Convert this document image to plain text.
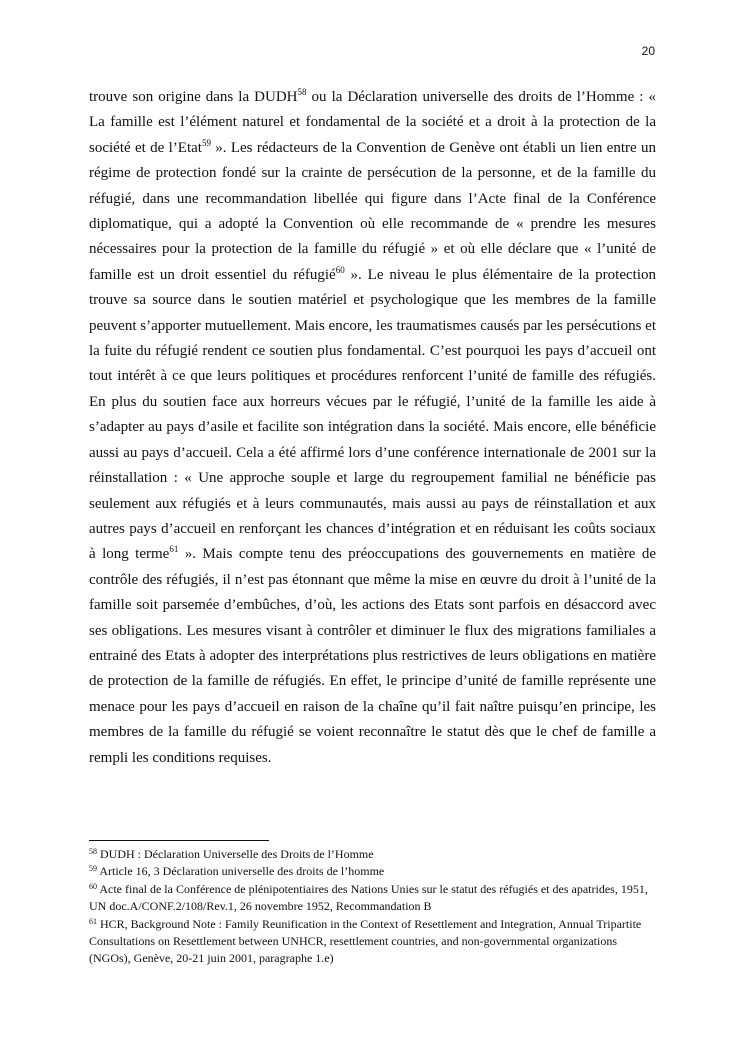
20

trouve son origine dans la DUDH$^{58}$ ou la Déclaration universelle des droits de l’Homme : « La famille est l’élément naturel et fondamental de la société et a droit à la protection de la société et de l’Etat$^{59}$ ». Les rédacteurs de la Convention de Genève ont établi un lien entre un régime de protection fondé sur la crainte de persécution de la personne, et de la famille du réfugié, dans une recommandation libellée qui figure dans l’Acte final de la Conférence diplomatique, qui a adopté la Convention où elle recommande de « prendre les mesures nécessaires pour la protection de la famille du réfugié » et où elle déclare que « l’unité de famille est un droit essentiel du réfugié$^{60}$ ». Le niveau le plus élémentaire de la protection trouve sa source dans le soutien matériel et psychologique que les membres de la famille peuvent s’apporter mutuellement. Mais encore, les traumatismes causés par les persécutions et la fuite du réfugié rendent ce soutien plus fondamental. C’est pourquoi les pays d’accueil ont tout intérêt à ce que leurs politiques et procédures renforcent l’unité de famille des réfugiés. En plus du soutien face aux horreurs vécues par le réfugié, l’unité de la famille les aide à s’adapter au pays d’asile et facilite son intégration dans la société. Mais encore, elle bénéficie aussi au pays d’accueil. Cela a été affirmé lors d’une conférence internationale de 2001 sur la réinstallation : « Une approche souple et large du regroupement familial ne bénéficie pas seulement aux réfugiés et à leurs communautés, mais aussi au pays de réinstallation et aux autres pays d’accueil en renforçant les chances d’intégration et en réduisant les coûts sociaux à long terme$^{61}$ ». Mais compte tenu des préoccupations des gouvernements en matière de contrôle des réfugiés, il n’est pas étonnant que même la mise en œuvre du droit à l’unité de la famille soit parsemée d’embûches, d’où, les actions des Etats sont parfois en désaccord avec ses obligations. Les mesures visant à contrôler et diminuer le flux des migrations familiales a entrainé des Etats à adopter des interprétations plus restrictives de leurs obligations en matière de protection de la famille de réfugiés. En effet, le principe d’unité de famille représente une menace pour les pays d’accueil en raison de la chaîne qu’il fait naître puisqu’en principe, les membres de la famille du réfugié se voient reconnaître le statut dès que le chef de famille a rempli les conditions requises.

$^{58}$ DUDH : Déclaration Universelle des Droits de l’Homme

$^{59}$ Article 16, 3 Déclaration universelle des droits de l’homme

$^{60}$ Acte final de la Conférence de plénipotentiaires des Nations Unies sur le statut des réfugiés et des apatrides, 1951, UN doc.A/CONF.2/108/Rev.1, 26 novembre 1952, Recommandation B

$^{61}$ HCR, Background Note : Family Reunification in the Context of Resettlement and Integration, Annual Tripartite Consultations on Resettlement between UNHCR, resettlement countries, and non-governmental organizations (NGOs), Genève, 20-21 juin 2001, paragraphe 1.e)
